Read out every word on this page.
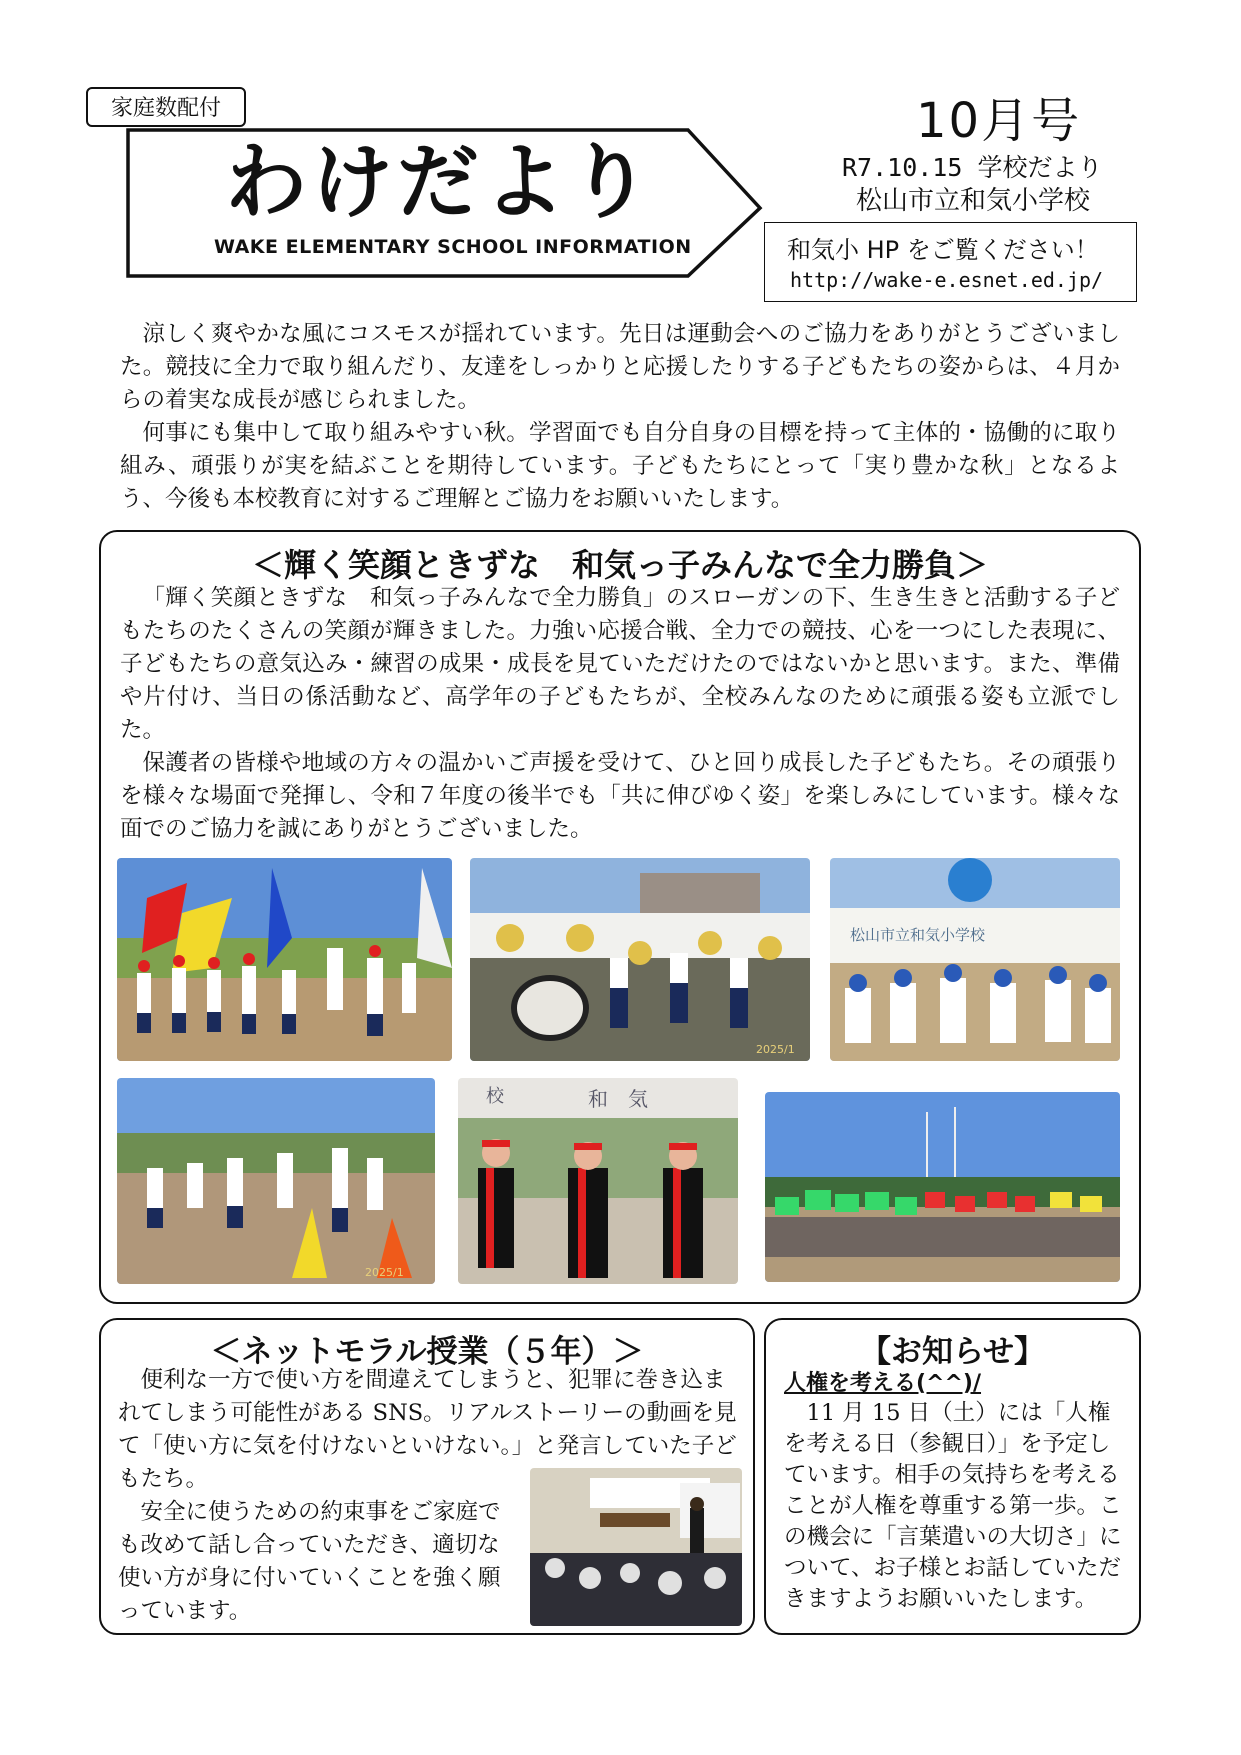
家庭数配付
わけだより
WAKE ELEMENTARY SCHOOL INFORMATION
10月号
R7.10.15 学校だより
松山市立和気小学校
和気小 HP をご覧ください！
http://wake-e.esnet.ed.jp/
涼しく爽やかな風にコスモスが揺れています。先日は運動会へのご協力をありがとうございました。競技に全力で取り組んだり、友達をしっかりと応援したりする子どもたちの姿からは、４月からの着実な成長が感じられました。
何事にも集中して取り組みやすい秋。学習面でも自分自身の目標を持って主体的・協働的に取り組み、頑張りが実を結ぶことを期待しています。子どもたちにとって「実り豊かな秋」となるよう、今後も本校教育に対するご理解とご協力をお願いいたします。
＜輝く笑顔ときずな　和気っ子みんなで全力勝負＞
「輝く笑顔ときずな　和気っ子みんなで全力勝負」のスローガンの下、生き生きと活動する子どもたちのたくさんの笑顔が輝きました。力強い応援合戦、全力での競技、心を一つにした表現に、子どもたちの意気込み・練習の成果・成長を見ていただけたのではないかと思います。また、準備や片付け、当日の係活動など、高学年の子どもたちが、全校みんなのために頑張る姿も立派でした。
保護者の皆様や地域の方々の温かいご声援を受けて、ひと回り成長した子どもたち。その頑張りを様々な場面で発揮し、令和７年度の後半でも「共に伸びゆく姿」を楽しみにしています。様々な面でのご協力を誠にありがとうございました。
2025/1
松山市立和気小学校
2025/1
校	和　気
＜ネットモラル授業（５年）＞
便利な一方で使い方を間違えてしまうと、犯罪に巻き込まれてしまう可能性がある SNS。リアルストーリーの動画を見て「使い方に気を付けないといけない。」と発言していた子どもたち。
安全に使うための約束事をご家庭でも改めて話し合っていただき、適切な使い方が身に付いていくことを強く願っています。
【お知らせ】
人権を考える(^^)/
11 月 15 日（土）には「人権を考える日（参観日）」を予定しています。相手の気持ちを考えることが人権を尊重する第一歩。この機会に「言葉遣いの大切さ」について、お子様とお話していただきますようお願いいたします。
